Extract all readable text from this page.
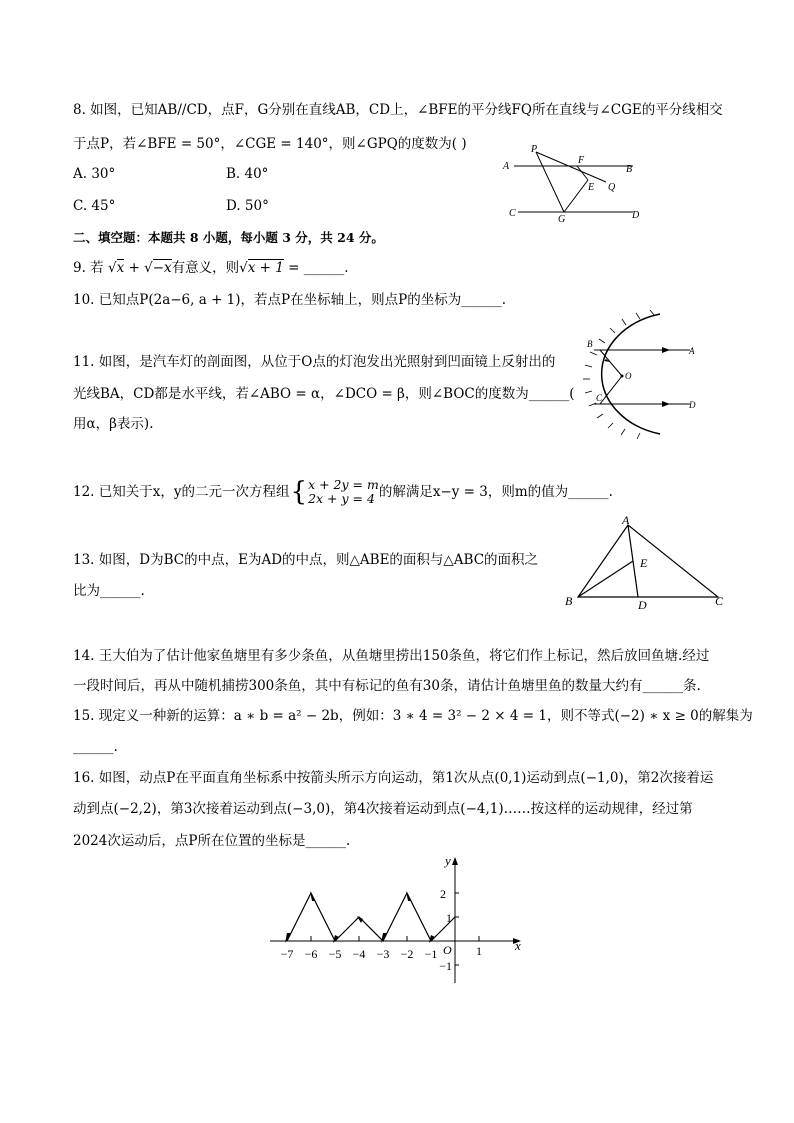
8. 如图，已知AB//CD，点F，G分别在直线AB，CD上，∠BFE的平分线FQ所在直线与∠CGE的平分线相交
于点P，若∠BFE = 50°，∠CGE = 140°，则∠GPQ的度数为( )
A. 30°	B. 40°
C. 45°	D. 50°
P
F
A	B
E Q
C
G	D
二、填空题：本题共 8 小题，每小题 3 分，共 24 分。
9. 若 √x + √−x有意义，则√x + 1 = ______.
10. 已知点P(2a−6, a + 1)，若点P在坐标轴上，则点P的坐标为______.
11. 如图，是汽车灯的剖面图，从位于O点的灯泡发出光照射到凹面镜上反射出的
光线BA，CD都是水平线，若∠ABO = α，∠DCO = β，则∠BOC的度数为______(
用α，β表示).
B
A
O
C
D
12. 已知关于x，y的二元一次方程组 { x + 2y = m
2x + y = 4 的解满足x−y = 3，则m的值为______.
13. 如图，D为BC的中点，E为AD的中点，则△ABE的面积与△ABC的面积之
比为______.
A
E
B	D	C
14. 王大伯为了估计他家鱼塘里有多少条鱼，从鱼塘里捞出150条鱼，将它们作上标记，然后放回鱼塘.经过
一段时间后，再从中随机捕捞300条鱼，其中有标记的鱼有30条，请估计鱼塘里鱼的数量大约有______条.
15. 现定义一种新的运算：a ∗ b = a² − 2b，例如：3 ∗ 4 = 3² − 2 × 4 = 1，则不等式(−2) ∗ x ≥ 0的解集为
______.
16. 如图，动点P在平面直角坐标系中按箭头所示方向运动，第1次从点(0,1)运动到点(−1,0)，第2次接着运
动到点(−2,2)，第3次接着运动到点(−3,0)，第4次接着运动到点(−4,1)……按这样的运动规律，经过第
2024次运动后，点P所在位置的坐标是______.
y
x
O
2
1
−1
1
−7 −6 −5 −4 −3 −2 −1
